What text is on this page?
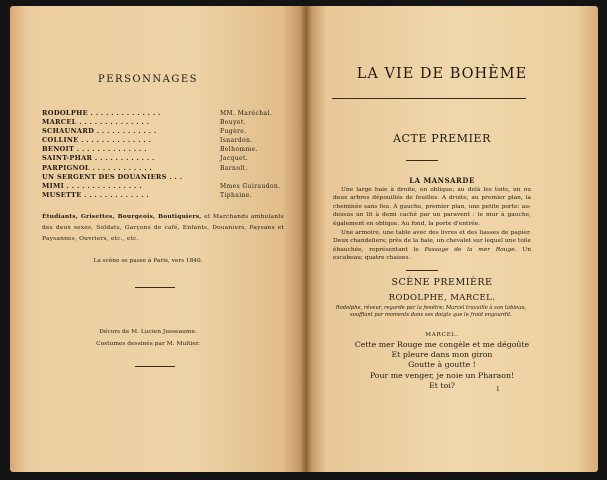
PERSONNAGES
RODOLPHE . . . . . . . . . . . . . .	MM. Maréchal.
MARCEL . . . . . . . . . . . . . .	Bouyet.
SCHAUNARD . . . . . . . . . . . .	Fugère.
COLLINE . . . . . . . . . . . . . .	Isnardon.
BENOIT . . . . . . . . . . . . . .	Belhomme.
SAINT-PHAR . . . . . . . . . . . .	Jacquet.
PARPIGNOL . . . . . . . . . . . .	Barnolt.
UN SERGENT DES DOUANIERS . . .
MIMI . . . . . . . . . . . . . . .	Mmes Guiraudon.
MUSETTE . . . . . . . . . . . . .	Tiphaine.
Étudiants, Grisettes, Bourgeois, Boutiquiers, et Marchands ambulants des deux sexes, Soldats, Garçons de café, Enfants, Douaniers, Paysans et Paysannes, Ouvriers, etc., etc.
La scène se passe à Paris, vers 1840.
Décors de M. Lucien Jusseaume.
Costumes dessinés par M. Multier.
LA VIE DE BOHÈME
ACTE PREMIER
LA MANSARDE
Une large baie à droite, en oblique; au delà les toits, un ou deux arbres dépouillés de feuilles. A droite, au premier plan, la cheminée sans feu. A gauche, premier plan, une petite porte: au-dessus un lit à demi caché par un paravent : le mur à gauche, également en oblique. Au fond, la porte d'entrée.
Une armoire, une table avec des livres et des liasses de papier. Deux chandeliers; près de la baie, un chevalet sur lequel une toile ébauchée, représentant le Passage de la mer Rouge. Un escabeau; quatre chaises.
SCÈNE PREMIÈRE
RODOLPHE, MARCEL.
Rodolphe, rêveur, regarde par la fenêtre; Marcel travaille à son tableau, soufflant par moments dans ses doigts que le froid engourdit.
MARCEL.
Cette mer Rouge me congèle et me dégoûte
Et pleure dans mon giron
Goutte à goutte !
Pour me venger, je noie un Pharaon!
Et toi?	1
